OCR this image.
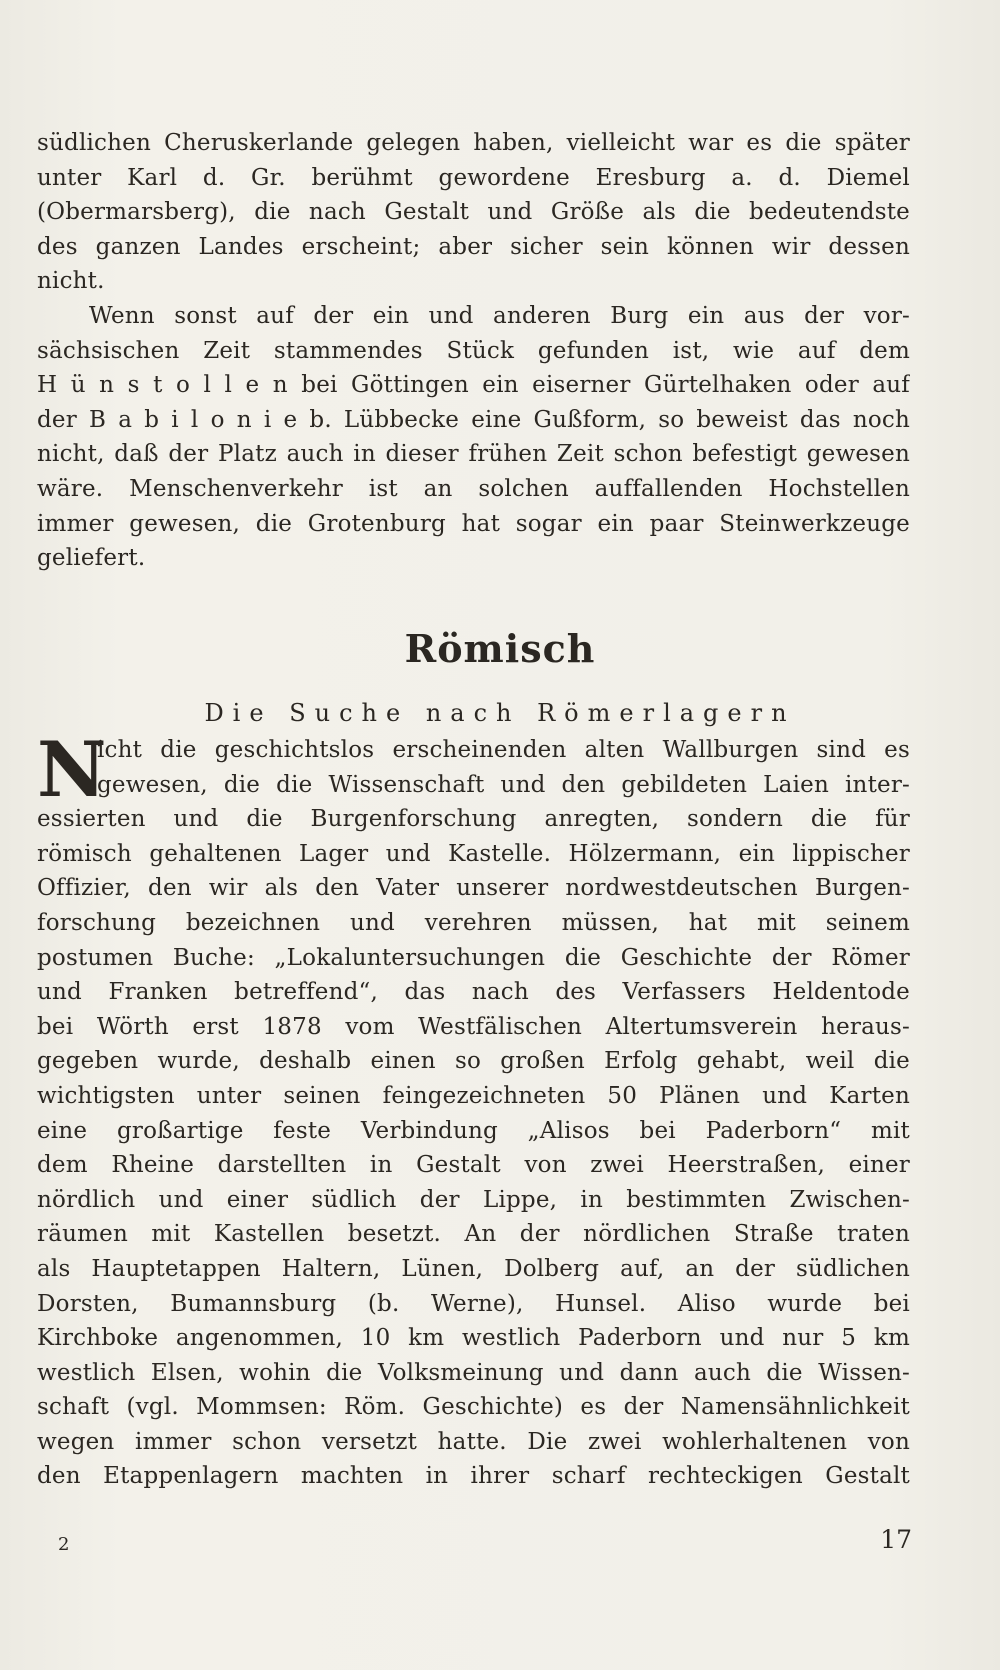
südlichen Cheruskerlande gelegen haben, vielleicht war es die später
unter Karl d. Gr. berühmt gewordene Eresburg a. d. Diemel
(Obermarsberg), die nach Gestalt und Größe als die bedeutendste
des ganzen Landes erscheint; aber sicher sein können wir dessen
nicht.
Wenn sonst auf der ein und anderen Burg ein aus der vor-
sächsischen Zeit stammendes Stück gefunden ist, wie auf dem
H ü n s t o l l e n bei Göttingen ein eiserner Gürtelhaken oder auf
der B a b i l o n i e b. Lübbecke eine Gußform, so beweist das noch
nicht, daß der Platz auch in dieser frühen Zeit schon befestigt gewesen
wäre. Menschenverkehr ist an solchen auffallenden Hochstellen
immer gewesen, die Grotenburg hat sogar ein paar Steinwerkzeuge
geliefert.
Römisch
Die Suche nach Römerlagern
N
icht die geschichtslos erscheinenden alten Wallburgen sind es
gewesen, die die Wissenschaft und den gebildeten Laien inter-
essierten und die Burgenforschung anregten, sondern die für
römisch gehaltenen Lager und Kastelle. Hölzermann, ein lippischer
Offizier, den wir als den Vater unserer nordwestdeutschen Burgen-
forschung bezeichnen und verehren müssen, hat mit seinem
postumen Buche: „Lokaluntersuchungen die Geschichte der Römer
und Franken betreffend“, das nach des Verfassers Heldentode
bei Wörth erst 1878 vom Westfälischen Altertumsverein heraus-
gegeben wurde, deshalb einen so großen Erfolg gehabt, weil die
wichtigsten unter seinen feingezeichneten 50 Plänen und Karten
eine großartige feste Verbindung „Alisos bei Paderborn“ mit
dem Rheine darstellten in Gestalt von zwei Heerstraßen, einer
nördlich und einer südlich der Lippe, in bestimmten Zwischen-
räumen mit Kastellen besetzt. An der nördlichen Straße traten
als Hauptetappen Haltern, Lünen, Dolberg auf, an der südlichen
Dorsten, Bumannsburg (b. Werne), Hunsel. Aliso wurde bei
Kirchboke angenommen, 10 km westlich Paderborn und nur 5 km
westlich Elsen, wohin die Volksmeinung und dann auch die Wissen-
schaft (vgl. Mommsen: Röm. Geschichte) es der Namensähnlichkeit
wegen immer schon versetzt hatte. Die zwei wohlerhaltenen von
den Etappenlagern machten in ihrer scharf rechteckigen Gestalt
2	17
